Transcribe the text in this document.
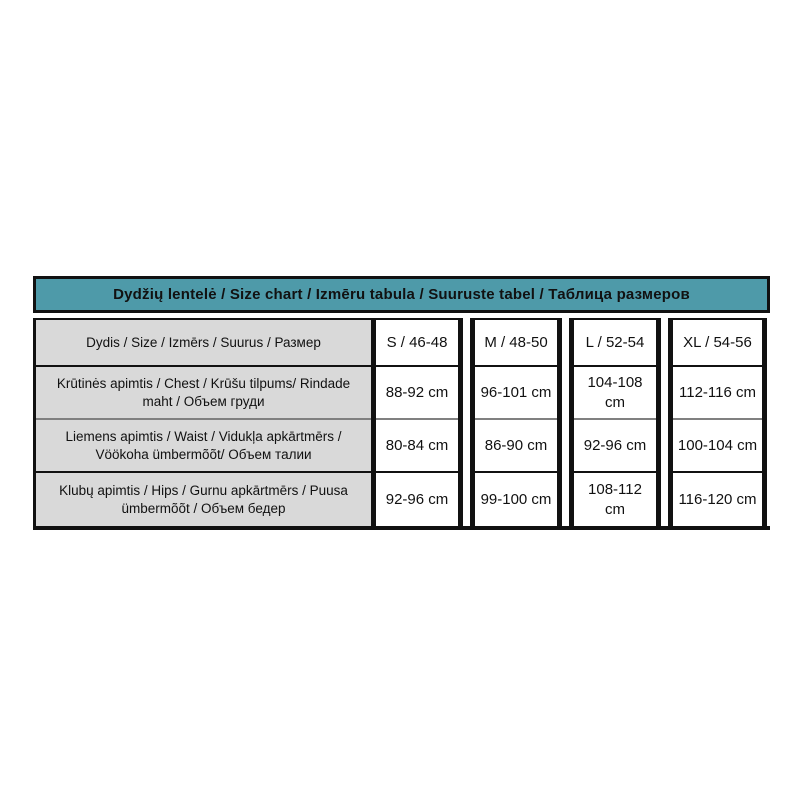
Dydžių lentelė / Size chart / Izmēru tabula / Suuruste tabel / Таблица размеров
Dydis / Size / Izmērs / Suurus / Размер
Krūtinės apimtis / Chest / Krūšu tilpums/ Rindade maht / Объем груди
Liemens apimtis / Waist / Vidukļa apkārtmērs / Vöökoha ümbermõõt/ Объем талии
Klubų apimtis / Hips / Gurnu apkārtmērs / Puusa ümbermõõt / Объем бедер
S / 46-48
88-92 cm
80-84 cm
92-96 cm
M / 48-50
96-101 cm
86-90 cm
99-100 cm
L / 52-54
104-108 cm
92-96 cm
108-112 cm
XL / 54-56
112-116 cm
100-104 cm
116-120 cm
